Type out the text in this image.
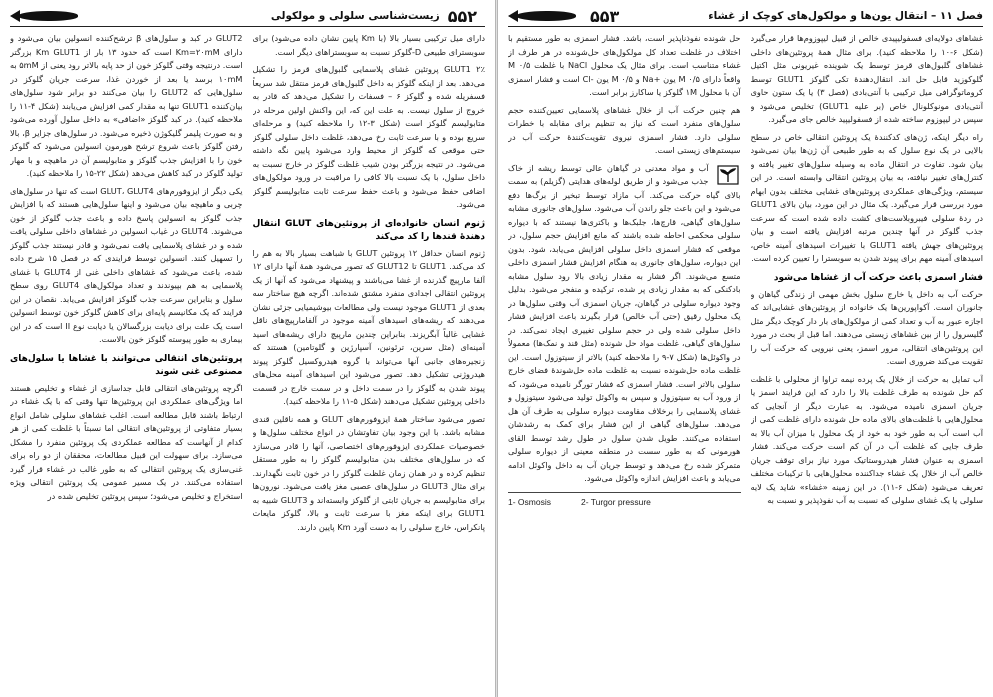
۵۵۲
زیست‌شناسی سلولی و مولکولی

دارای میل ترکیبی بسیار بالا (با Km پایین نشان داده می‌شود) برای سوبسترای طبیعی D-گلوکز نسبت به سوبستراهای دیگر است.

GLUT1 ۲٪ پروتئین غشای پلاسمایی گلبول‌های قرمز را تشکیل می‌دهد. بعد از اینکه گلوکز به داخل گلبول‌های قرمز منتقل شد سریعاً فسفریله شده و گلوکز ۶ – فسفات را تشکیل می‌دهد که قادر به خروج از سلول نیست. به علت این که، این واکنش اولین مرحله در متابولیسم گلوکز است (شکل ۳-۱۲ را ملاحظه کنید) و مرحله‌ای سریع بوده و با سرعت ثابت رخ می‌دهد، غلظت داخل سلولی گلوکز حتی موقعی که گلوکز از محیط وارد می‌شود پایین نگه داشته می‌شود. در نتیجه بزرگتر بودن شیب غلظت گلوکز در خارج نسبت به داخل سلول، با یک نسبت بالا کافی را مراقبت در ورود مولکول‌های اضافی حفظ می‌شود و باعث حفظ سرعت ثابت متابولیسم گلوکز می‌شود.

ژنوم انسان خانواده‌ای از پروتئین‌های GLUT انتقال دهندهٔ قندها را کد می‌کند

ژنوم انسان حداقل ۱۲ پروتئین GLUT با شباهت بسیار بالا به هم را کد می‌کند. GLUT1 تا GLUT12 که تصور می‌شود همهٔ آنها دارای ۱۲ آلفا مارپیچ گذرنده از غشا می‌باشند و پیشنهاد می‌شود که آنها از یک پروتئین انتقالی اجدادی منفرد مشتق شده‌اند. اگرچه هیچ ساختار سه بعدی از GLUT1 موجود نیست ولی مطالعات بیوشیمیایی جزئی نشان می‌دهند که ریشه‌های اسیدهای آمینه موجود در آلفامارپیچ‌های ناقل غشایی غالباً آبگریزند. بنابراین چندین مارپیچ دارای ریشه‌های اسید آمینه‌ای (مثل سرین، ترئونین، آسپارژین و گلوتامین) هستند که زنجیره‌های جانبی آنها می‌تواند با گروه هیدروکسیل گلوکز پیوند هیدروژنی تشکیل دهد. تصور می‌شود این اسیدهای آمینه محل‌های پیوند شدن به گلوکز را در سمت داخل و در سمت خارج در قسمت داخلی پروتئین تشکیل می‌دهند (شکل ۵-۱۱ را ملاحظه کنید).

تصور می‌شود ساختار همهٔ ایزوفورم‌های GLUT و همه ناقلین قندی مشابه باشد. با این وجود بیان تفاوتشان در انواع مختلف سلول‌ها و خصوصیات عملکردی ایزوفورم‌های اختصاصی، آنها را قادر می‌سازد که در سلول‌های مختلف بدن متابولیسم گلوکز را به طور مستقل تنظیم کرده و در همان زمان غلظت گلوکز را در خون ثابت نگهدارند. برای مثال GLUT3 در سلول‌های عصبی مغز یافت می‌شود. نورون‌ها برای متابولیسم به جریان ثابتی از گلوکز وابسته‌اند و GLUT3 شبیه به GLUT1 برای اینکه مغز با سرعت ثابت و بالا، گلوکز مایعات پانکراس، خارج سلولی را به دست آورد Km پایین دارند.

GLUT2 در کبد و سلول‌های β ترشح‌کننده انسولین بیان می‌شود و دارای Km=۲۰mM است که حدود ۱۳ بار از Km GLUT1 بزرگتر است. درنتیجه وقتی گلوکز خون از حد پایه بالاتر رود یعنی از ۵mM به ۱۰mM برسد یا بعد از خوردن غذا، سرعت جریان گلوکز در سلول‌هایی که GLUT2 را بیان می‌کنند دو برابر شود سلول‌های بیان‌کننده GLUT1 تنها به مقدار کمی افزایش می‌یابند (شکل ۴-۱۱ را ملاحظه کنید). در کبد گلوکز «اضافی» به داخل سلول آورده می‌شود و به صورت پلیمر گلیکوژن ذخیره می‌شود. در سلول‌های جزایر β، بالا رفتن گلوکز باعث شروع ترشح هورمون انسولین می‌شود که گلوکز خون را با افزایش جذب گلوکز و متابولیسم آن در ماهیچه و با مهار تولید گلوکز در کبد کاهش می‌دهد (شکل ۲۲-۱۵ را ملاحظه کنید).

یکی دیگر از ایزوفورم‌های GLUT، GLUT4 است که تنها در سلول‌های چربی و ماهیچه بیان می‌شود و اینها سلول‌هایی هستند که با افزایش جذب گلوکز به انسولین پاسخ داده و باعث جذب گلوکز از خون می‌شوند. GLUT4 در غیاب انسولین در غشاهای داخلی سلولی یافت شده و در غشای پلاسمایی یافت نمی‌شود و قادر نیستند جذب گلوکز را تسهیل کنند. انسولین توسط فرایندی که در فصل ۱۵ شرح داده شده، باعث می‌شود که غشاهای داخلی غنی از GLUT4 با غشای پلاسمایی به هم بپیوندند و تعداد مولکول‌های GLUT4 روی سطح سلول و بنابراین سرعت جذب گلوکز افزایش می‌یابد. نقصان در این فرایند که یک مکانیسم پایه‌ای برای کاهش گلوکز خون توسط انسولین است یک علت برای دیابت بزرگسالان یا دیابت نوع II است که در این بیماری به طور پیوسته گلوکز خون بالاست.

پروتئین‌های انتقالی می‌توانند با غشاها یا سلول‌های مصنوعی غنی شوند

اگرچه پروتئین‌های انتقالی قابل جداسازی از غشاء و تخلیص هستند اما ویژگی‌های عملکردی این پروتئین‌ها تنها وقتی که با یک غشاء در ارتباط باشند قابل مطالعه است. اغلب غشاهای سلولی شامل انواع بسیار متفاوتی از پروتئین‌های انتقالی اما نسبتاً با غلظت کمی از هر کدام از آنهاست که مطالعه عملکردی یک پروتئین منفرد را مشکل می‌سازد. برای سهولت این قبیل مطالعات، محققان از دو راه برای غنی‌سازی یک پروتئین انتقالی که به طور غالب در غشاء قرار گیرد استفاده می‌کنند. در یک مسیر عمومی یک پروتئین انتقالی ویژه استخراج و تخلیص می‌شود؛ سپس پروتئین تخلیص شده در

فصل ۱۱ – انتقال یون‌ها و مولکول‌های کوچک از غشاء
۵۵۳

غشاهای دولایه‌ای فسفولیپیدی خالص از قبیل لیپوزوم‌ها قرار می‌گیرد (شکل ۶-۱۰ را ملاحظه کنید). برای مثال همهٔ پروتئین‌های داخلی غشاهای گلبول‌های قرمز توسط یک شوینده غیریونی مثل اکتیل گلوکوزید قابل حل اند. انتقال‌دهندهٔ تکی گلوکز GLUT1 توسط کروماتوگرافی میل ترکیبی با آنتی‌بادی (فصل ۳) یا یک ستون حاوی آنتی‌بادی مونوکلونال خاص (بر علیه GLUT1) تخلیص می‌شود و سپس در لیپوزوم ساخته شده از فسفولیپید خالص جای می‌گیرد.

راه دیگر اینکه، ژن‌های کدکنندهٔ یک پروتئین انتقالی خاص در سطح بالایی در یک نوع سلول که به طور طبیعی آن ژن‌ها بیان نمی‌شود بیان شود. تفاوت در انتقال ماده به وسیله سلول‌های تغییر یافته و کنترل‌های تغییر نیافته، به بیان پروتئین انتقالی وابسته است. در این سیستم، ویژگی‌های عملکردی پروتئین‌های غشایی مختلف بدون ابهام مورد بررسی قرار می‌گیرد. یک مثال در این مورد، بیان بالای GLUT1 در ردهٔ سلولی فیبروبلاست‌های کشت داده شده است که سرعت جذب گلوکز در آنها چندین مرتبه افزایش یافته است و بیان پروتئین‌های جهش یافته GLUT1 با تغییرات اسیدهای آمینه خاص، اسیدهای آمینه مهم برای پیوند شدن به سوبسترا را تعیین کرده است.

فشار اسمزی باعث حرکت آب از غشاها می‌شود

حرکت آب به داخل یا خارج سلول بخش مهمی از زندگی گیاهان و جانوران است. آکواپورین‌ها یک خانواده از پروتئین‌های غشایی‌اند که اجازه عبور به آب و تعداد کمی از مولکول‌های بار دار کوچک دیگر مثل گلیسرول را از بین غشاهای زیستی می‌دهند. اما قبل از بحث در مورد این پروتئین‌های انتقالی، مرور اسمز، یعنی نیرویی که حرکت آب را تقویت می‌کند ضروری است.

آب تمایل به حرکت از خلال یک پرده نیمه تراوا از محلولی با غلظت کم حل شونده به طرف غلظت بالا را دارد که این فرایند اسمز یا جریان اسمزی نامیده می‌شود. به عبارت دیگر از آنجایی که محلول‌هایی با غلظت‌های بالای ماده حل شونده دارای غلظت کمی از آب است آب به طور خود به خود از یک محلول با میزان آب بالا به طرف جایی که غلظت آب در آن کم است حرکت می‌کند. فشار اسمزی به عنوان فشار هیدروستاتیک مورد نیاز برای توقف جریان خالص آب از خلال یک غشاء جداکننده محلول‌هایی با ترکیبات مختلف تعریف می‌شود (شکل ۶-۱۱). در این زمینه «غشاء» شاید یک لایه سلولی یا یک غشای سلولی که نسبت به آب نفوذپذیر و نسبت به

حل شونده نفوذناپذیر است، باشد. فشار اسمزی به طور مستقیم با اختلاف در غلظت تعداد کل مولکول‌های حل‌شونده در هر طرف از غشاء متناسب است. برای مثال یک محلول NaCl با غلظت ۰/۵ M واقعاً دارای ۰/۵ M یون +Na و ۰/۵ M یون -Cl است و فشار اسمزی آن با محلول ۱M گلوکز یا ساکارز برابر است.

هم چنین حرکت آب از خلال غشاهای پلاسمایی تعیین‌کننده حجم سلول‌های منفرد است که نیاز به تنظیم برای مقابله با خطرات سلولی دارد. فشار اسمزی نیروی تقویت‌کنندهٔ حرکت آب در سیستم‌های زیستی است.

آب و مواد معدنی در گیاهان عالی توسط ریشه از خاک جذب می‌شود و از طریق لوله‌های هدایتی (گزیلم) به سمت بالای گیاه حرکت می‌کند. آب مازاد توسط تبخیر از برگ‌ها دفع می‌شود و این باعث جلو راندن آب می‌شود. سلول‌های جانوری مشابه سلول‌های گیاهی، قارچ‌ها، جلبک‌ها و باکتری‌ها نیستند که با دیواره سلولی محکمی احاطه شده باشند که مانع افزایش حجم سلول، در موقعی که فشار اسمزی داخل سلولی افزایش می‌یابد، شود. بدون این دیواره، سلول‌های جانوری به هنگام افزایش فشار اسمزی داخلی متسع می‌شوند. اگر فشار به مقدار زیادی بالا رود سلول مشابه بادکنکی که به مقدار زیادی پر شده، ترکیده و منفجر می‌شود. بدلیل وجود دیواره سلولی در گیاهان، جریان اسمزی آب وقتی سلول‌ها در یک محلول رقیق (حتی آب خالص) قرار بگیرند باعث افزایش فشار داخل سلولی شده ولی در حجم سلولی تغییری ایجاد نمی‌کند. در سلول‌های گیاهی، غلظت مواد حل شونده (مثل قند و نمک‌ها) معمولاً در واکوئل‌ها (شکل ۷-۹ را ملاحظه کنید) بالاتر از سیتوزول است. این غلظت ماده حل‌شونده نسبت به غلظت ماده حل‌شوندهٔ فضای خارج سلولی بالاتر است. فشار اسمزی که فشار تورگر نامیده می‌شود، که از ورود آب به سیتوزول و سپس به واکوئل تولید می‌شود سیتوزول و غشای پلاسمایی را برخلاف مقاومت دیواره سلولی به طرف آن هل می‌دهد. سلول‌های گیاهی از این فشار برای کمک به رشدشان استفاده می‌کنند. طویل شدن سلول در طول رشد توسط القای هورمونی که به طور سست در منطقه معینی از دیواره سلولی متمرکز شده رخ می‌دهد و توسط جریان آب به داخل واکوئل ادامه می‌یابد و باعث افزایش اندازه واکوئل می‌شود.

1- Osmosis	2- Turgor pressure
